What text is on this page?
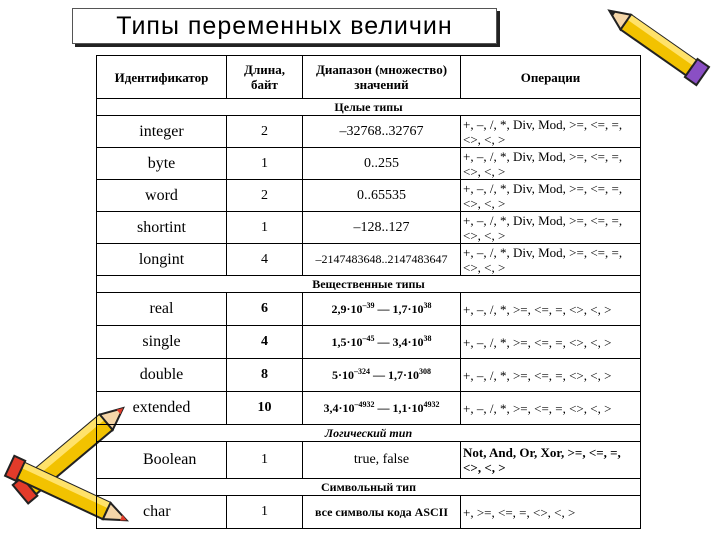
Типы переменных величин
Идентификатор	Длина, байт	Диапазон (множество) значений	Операции
Целые типы			
integer	2	–32768..32767	+, –, /, *, Div, Mod, >=, <=, =, <>, <, >
byte	1	0..255	+, –, /, *, Div, Mod, >=, <=, =, <>, <, >
word	2	0..65535	+, –, /, *, Div, Mod, >=, <=, =, <>, <, >
shortint	1	–128..127	+, –, /, *, Div, Mod, >=, <=, =, <>, <, >
longint	4	–2147483648..2147483647	+, –, /, *, Div, Mod, >=, <=, =, <>, <, >
Вещественные типы			
real	6	$2,9\cdot 10^{-39}$ — $1,7\cdot 10^{38}$	+, –, /, *, >=, <=, =, <>, <, >
single	4	$1,5\cdot 10^{-45}$ — $3,4\cdot 10^{38}$	+, –, /, *, >=, <=, =, <>, <, >
double	8	$5\cdot 10^{-324}$ — $1,7\cdot 10^{308}$	+, –, /, *, >=, <=, =, <>, <, >
extended	10	$3,4\cdot 10^{-4932}$ — $1,1\cdot 10^{4932}$	+, –, /, *, >=, <=, =, <>, <, >
Логический тип			
Boolean	1	true, false	Not, And, Or, Xor, >=, <=, =, <>, <, >
Символьный тип			
char	1	все символы кода ASCII	+, >=, <=, =, <>, <, >
